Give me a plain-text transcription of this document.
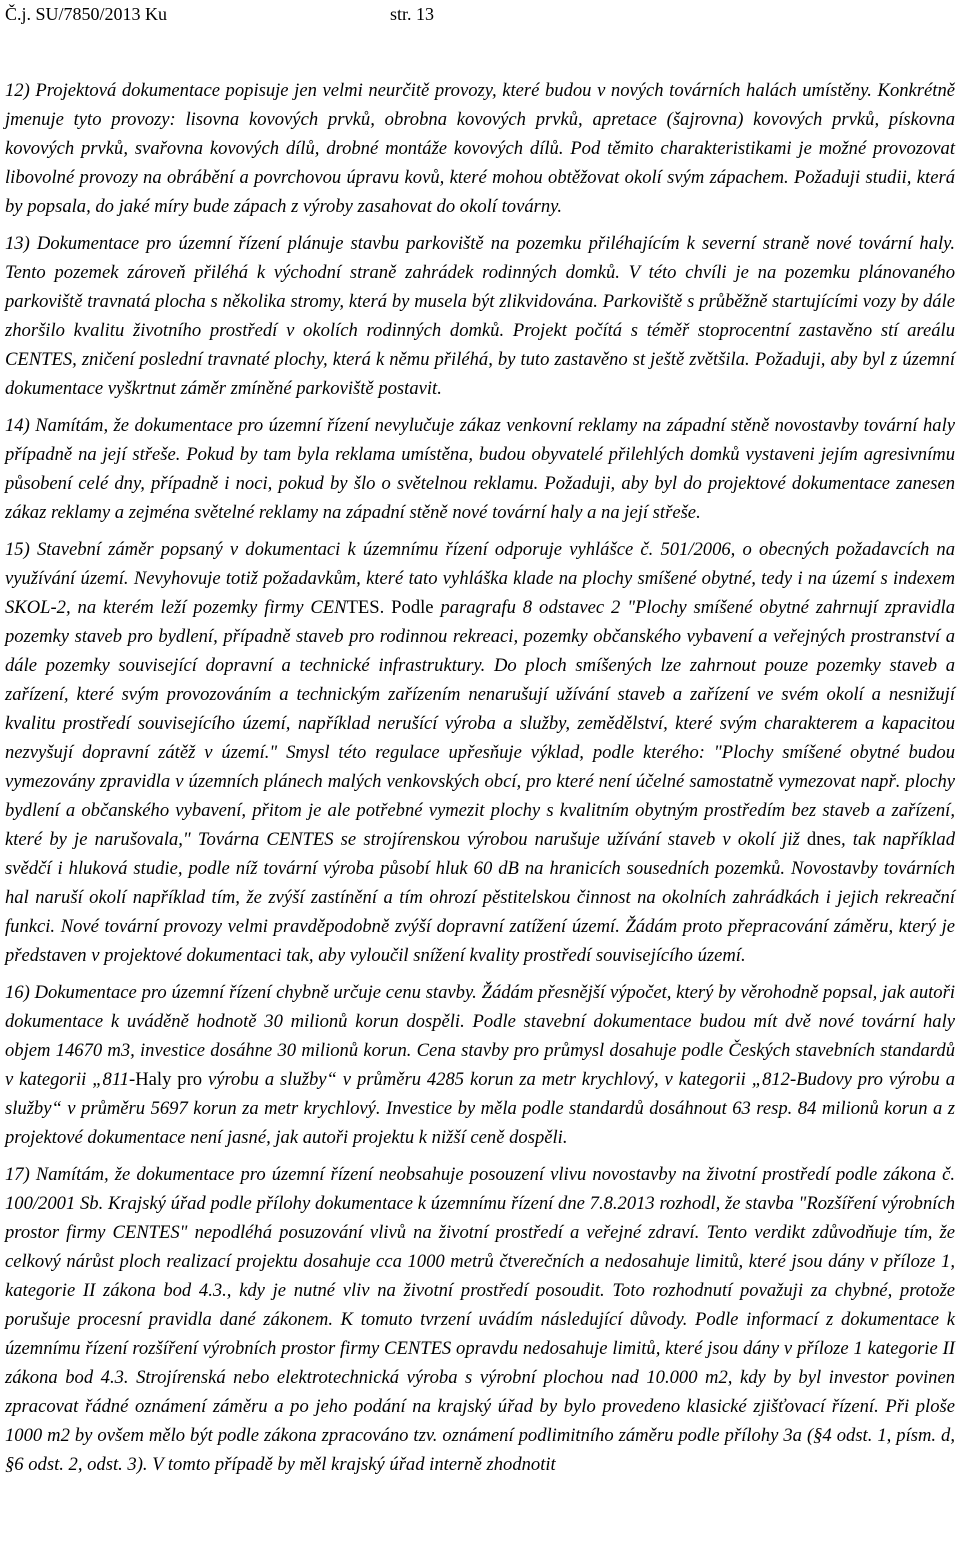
Č.j. SU/7850/2013 Ku	str. 13

12) Projektová dokumentace popisuje jen velmi neurčitě provozy, které budou v nových továrních halách umístěny. Konkrétně jmenuje tyto provozy: lisovna kovových prvků, obrobna kovových prvků, apretace (šajrovna) kovových prvků, pískovna kovových prvků, svařovna kovových dílů, drobné montáže kovových dílů. Pod těmito charakteristikami je možné provozovat libovolné provozy na obrábění a povrchovou úpravu kovů, které mohou obtěžovat okolí svým zápachem. Požaduji studii, která by popsala, do jaké míry bude zápach z výroby zasahovat do okolí továrny.

13) Dokumentace pro územní řízení plánuje stavbu parkoviště na pozemku přiléhajícím k severní straně nové tovární haly. Tento pozemek zároveň přiléhá k východní straně zahrádek rodinných domků. V této chvíli je na pozemku plánovaného parkoviště travnatá plocha s několika stromy, která by musela být zlikvidována. Parkoviště s průběžně startujícími vozy by dále zhoršilo kvalitu životního prostředí v okolích rodinných domků. Projekt počítá s téměř stoprocentní zastavěno stí areálu CENTES, zničení poslední travnaté plochy, která k němu přiléhá, by tuto zastavěno st ještě zvětšila. Požaduji, aby byl z územní dokumentace vyškrtnut záměr zmíněné parkoviště postavit.

14) Namítám, že dokumentace pro územní řízení nevylučuje zákaz venkovní reklamy na západní stěně novostavby tovární haly případně na její střeše. Pokud by tam byla reklama umístěna, budou obyvatelé přilehlých domků vystaveni jejím agresivnímu působení celé dny, případně i noci, pokud by šlo o světelnou reklamu. Požaduji, aby byl do projektové dokumentace zanesen zákaz reklamy a zejména světelné reklamy na západní stěně nové tovární haly a na její střeše.

15) Stavební záměr popsaný v dokumentaci k územnímu řízení odporuje vyhlášce č. 501/2006, o obecných požadavcích na využívání území. Nevyhovuje totiž požadavkům, které tato vyhláška klade na plochy smíšené obytné, tedy i na území s indexem SKOL-2, na kterém leží pozemky firmy CENTES. Podle paragrafu 8 odstavec 2 "Plochy smíšené obytné zahrnují zpravidla pozemky staveb pro bydlení, případně staveb pro rodinnou rekreaci, pozemky občanského vybavení a veřejných prostranství a dále pozemky související dopravní a technické infrastruktury. Do ploch smíšených lze zahrnout pouze pozemky staveb a zařízení, které svým provozováním a technickým zařízením nenarušují užívání staveb a zařízení ve svém okolí a nesnižují kvalitu prostředí souvisejícího území, například nerušící výroba a služby, zemědělství, které svým charakterem a kapacitou nezvyšují dopravní zátěž v území." Smysl této regulace upřesňuje výklad, podle kterého: "Plochy smíšené obytné budou vymezovány zpravidla v územních plánech malých venkovských obcí, pro které není účelné samostatně vymezovat např. plochy bydlení a občanského vybavení, přitom je ale potřebné vymezit plochy s kvalitním obytným prostředím bez staveb a zařízení, které by je narušovala," Továrna CENTES se strojírenskou výrobou narušuje užívání staveb v okolí již dnes, tak například svědčí i hluková studie, podle níž tovární výroba působí hluk 60 dB na hranicích sousedních pozemků. Novostavby továrních hal naruší okolí například tím, že zvýší zastínění a tím ohrozí pěstitelskou činnost na okolních zahrádkách i jejich rekreační funkci. Nové tovární provozy velmi pravděpodobně zvýší dopravní zatížení území. Žádám proto přepracování záměru, který je představen v projektové dokumentaci tak, aby vyloučil snížení kvality prostředí souvisejícího území.

16) Dokumentace pro územní řízení chybně určuje cenu stavby. Žádám přesnější výpočet, který by věrohodně popsal, jak autoři dokumentace k uváděně hodnotě 30 milionů korun dospěli. Podle stavební dokumentace budou mít dvě nové tovární haly objem 14670 m3, investice dosáhne 30 milionů korun. Cena stavby pro průmysl dosahuje podle Českých stavebních standardů v kategorii „811-Haly pro výrobu a služby“ v průměru 4285 korun za metr krychlový, v kategorii „812-Budovy pro výrobu a služby“ v průměru 5697 korun za metr krychlový. Investice by měla podle standardů dosáhnout 63 resp. 84 milionů korun a z projektové dokumentace není jasné, jak autoři projektu k nižší ceně dospěli.

17) Namítám, že dokumentace pro územní řízení neobsahuje posouzení vlivu novostavby na životní prostředí podle zákona č. 100/2001 Sb. Krajský úřad podle přílohy dokumentace k územnímu řízení dne 7.8.2013 rozhodl, že stavba "Rozšíření výrobních prostor firmy CENTES" nepodléhá posuzování vlivů na životní prostředí a veřejné zdraví. Tento verdikt zdůvodňuje tím, že celkový nárůst ploch realizací projektu dosahuje cca 1000 metrů čtverečních a nedosahuje limitů, které jsou dány v příloze 1, kategorie II zákona bod 4.3., kdy je nutné vliv na životní prostředí posoudit. Toto rozhodnutí považuji za chybné, protože porušuje procesní pravidla dané zákonem. K tomuto tvrzení uvádím následující důvody. Podle informací z dokumentace k územnímu řízení rozšíření výrobních prostor firmy CENTES opravdu nedosahuje limitů, které jsou dány v příloze 1 kategorie II zákona bod 4.3. Strojírenská nebo elektrotechnická výroba s výrobní plochou nad 10.000 m2, kdy by byl investor povinen zpracovat řádné oznámení záměru a po jeho podání na krajský úřad by bylo provedeno klasické zjišťovací řízení. Při ploše 1000 m2 by ovšem mělo být podle zákona zpracováno tzv. oznámení podlimitního záměru podle přílohy 3a (§4 odst. 1, písm. d, §6 odst. 2, odst. 3). V tomto případě by měl krajský úřad interně zhodnotit
